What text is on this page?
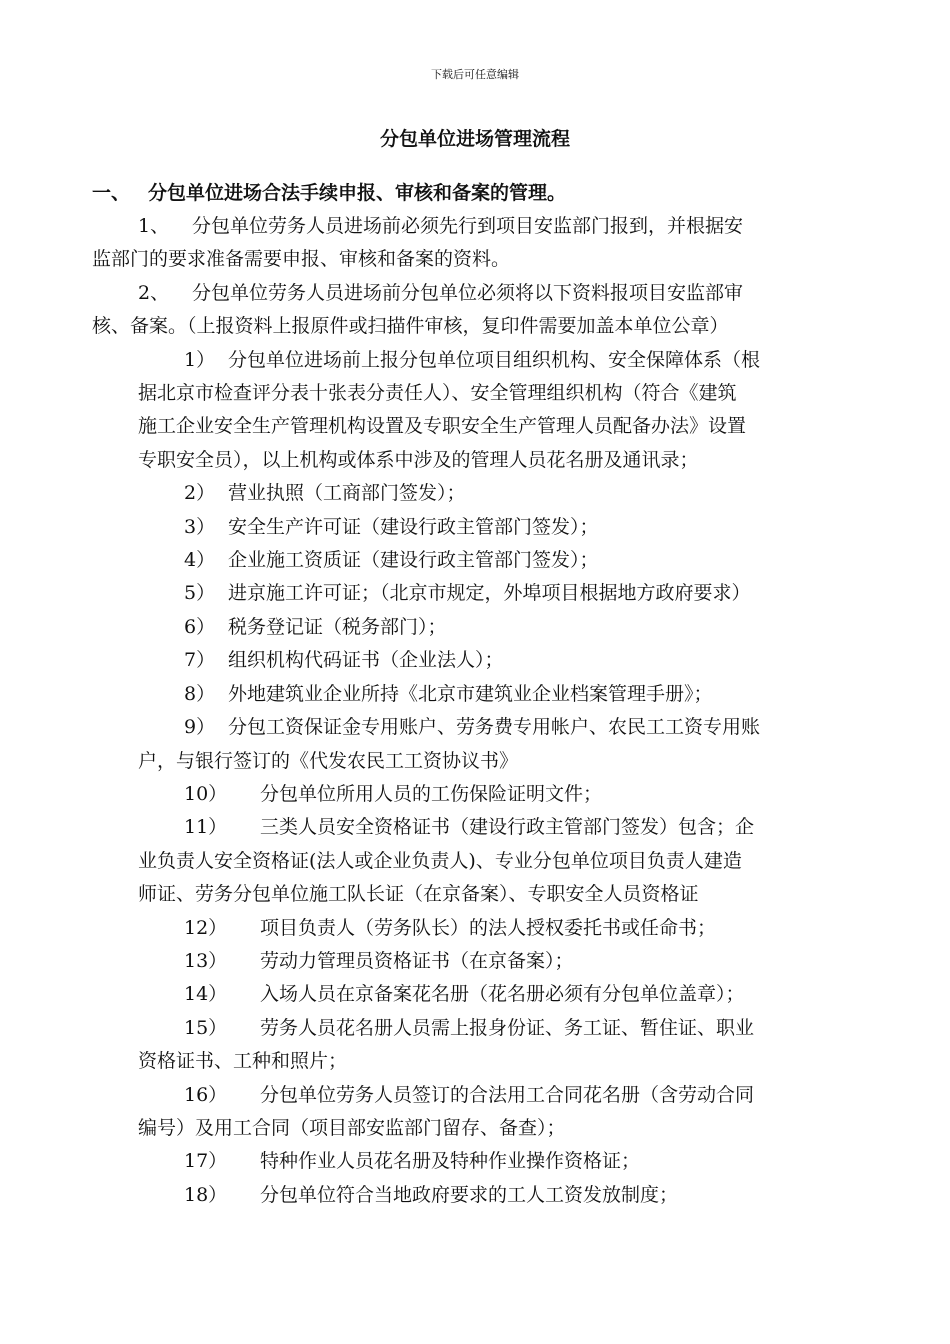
下载后可任意编辑
分包单位进场管理流程
一、 分包单位进场合法手续申报、审核和备案的管理。
1、 分包单位劳务人员进场前必须先行到项目安监部门报到，并根据安
监部门的要求准备需要申报、审核和备案的资料。
2、 分包单位劳务人员进场前分包单位必须将以下资料报项目安监部审
核、备案。（上报资料上报原件或扫描件审核，复印件需要加盖本单位公章）
1） 分包单位进场前上报分包单位项目组织机构、安全保障体系（根
据北京市检查评分表十张表分责任人）、安全管理组织机构（符合《建筑
施工企业安全生产管理机构设置及专职安全生产管理人员配备办法》设置
专职安全员），以上机构或体系中涉及的管理人员花名册及通讯录；
2） 营业执照（工商部门签发）；
3） 安全生产许可证（建设行政主管部门签发）；
4） 企业施工资质证（建设行政主管部门签发）；
5） 进京施工许可证；（北京市规定，外埠项目根据地方政府要求）
6） 税务登记证（税务部门）；
7） 组织机构代码证书（企业法人）；
8） 外地建筑业企业所持《北京市建筑业企业档案管理手册》；
9） 分包工资保证金专用账户、劳务费专用帐户、农民工工资专用账
户，与银行签订的《代发农民工工资协议书》
10） 分包单位所用人员的工伤保险证明文件；
11） 三类人员安全资格证书（建设行政主管部门签发）包含；企
业负责人安全资格证(法人或企业负责人)、专业分包单位项目负责人建造
师证、劳务分包单位施工队长证（在京备案）、专职安全人员资格证
12） 项目负责人（劳务队长）的法人授权委托书或任命书；
13） 劳动力管理员资格证书（在京备案）；
14） 入场人员在京备案花名册（花名册必须有分包单位盖章）；
15） 劳务人员花名册人员需上报身份证、务工证、暂住证、职业
资格证书、工种和照片；
16） 分包单位劳务人员签订的合法用工合同花名册（含劳动合同
编号）及用工合同（项目部安监部门留存、备查）；
17） 特种作业人员花名册及特种作业操作资格证；
18） 分包单位符合当地政府要求的工人工资发放制度；
